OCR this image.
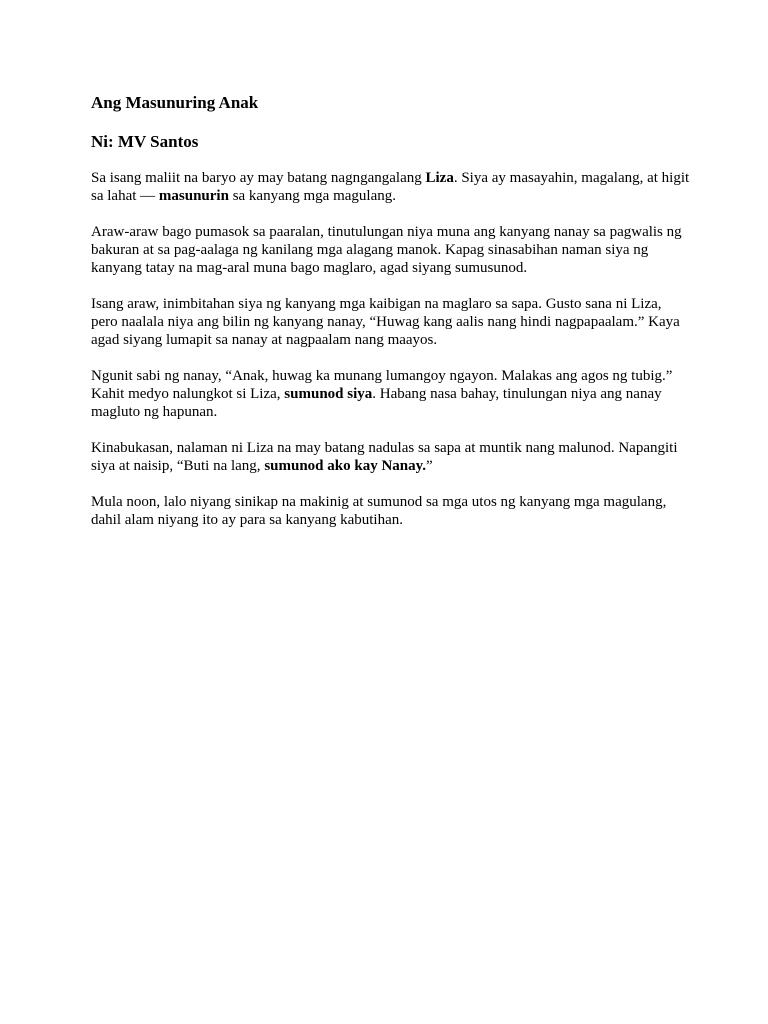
Ang Masunuring Anak
Ni: MV Santos

Sa isang maliit na baryo ay may batang nagngangalang Liza. Siya ay masayahin, magalang, at higit sa lahat — masunurin sa kanyang mga magulang.

Araw-araw bago pumasok sa paaralan, tinutulungan niya muna ang kanyang nanay sa pagwalis ng bakuran at sa pag-aalaga ng kanilang mga alagang manok. Kapag sinasabihan naman siya ng kanyang tatay na mag-aral muna bago maglaro, agad siyang sumusunod.

Isang araw, inimbitahan siya ng kanyang mga kaibigan na maglaro sa sapa. Gusto sana ni Liza, pero naalala niya ang bilin ng kanyang nanay, “Huwag kang aalis nang hindi nagpapaalam.” Kaya agad siyang lumapit sa nanay at nagpaalam nang maayos.

Ngunit sabi ng nanay, “Anak, huwag ka munang lumangoy ngayon. Malakas ang agos ng tubig.” Kahit medyo nalungkot si Liza, sumunod siya. Habang nasa bahay, tinulungan niya ang nanay magluto ng hapunan.

Kinabukasan, nalaman ni Liza na may batang nadulas sa sapa at muntik nang malunod. Napangiti siya at naisip, “Buti na lang, sumunod ako kay Nanay.”

Mula noon, lalo niyang sinikap na makinig at sumunod sa mga utos ng kanyang mga magulang, dahil alam niyang ito ay para sa kanyang kabutihan.
